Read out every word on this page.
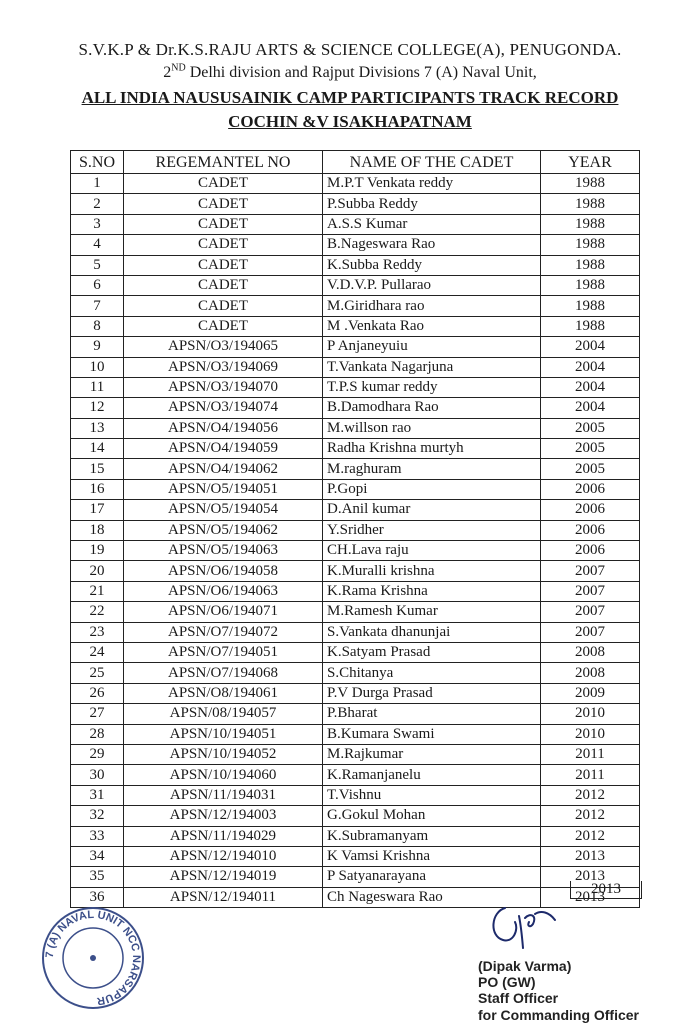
S.V.K.P & Dr.K.S.RAJU ARTS & SCIENCE COLLEGE(A), PENUGONDA.
2ND Delhi division and Rajput Divisions 7 (A) Naval Unit,
ALL INDIA NAUSUSAINIK CAMP PARTICIPANTS TRACK RECORD
COCHIN &V ISAKHAPATNAM
S.NO	REGEMANTEL NO	NAME OF THE CADET	YEAR
1	CADET	M.P.T Venkata reddy	1988
2	CADET	P.Subba Reddy	1988
3	CADET	A.S.S Kumar	1988
4	CADET	B.Nageswara Rao	1988
5	CADET	K.Subba Reddy	1988
6	CADET	V.D.V.P. Pullarao	1988
7	CADET	M.Giridhara rao	1988
8	CADET	M .Venkata Rao	1988
9	APSN/O3/194065	P Anjaneyuiu	2004
10	APSN/O3/194069	T.Vankata Nagarjuna	2004
11	APSN/O3/194070	T.P.S kumar reddy	2004
12	APSN/O3/194074	B.Damodhara Rao	2004
13	APSN/O4/194056	M.willson rao	2005
14	APSN/O4/194059	Radha Krishna murtyh	2005
15	APSN/O4/194062	M.raghuram	2005
16	APSN/O5/194051	P.Gopi	2006
17	APSN/O5/194054	D.Anil kumar	2006
18	APSN/O5/194062	Y.Sridher	2006
19	APSN/O5/194063	CH.Lava raju	2006
20	APSN/O6/194058	K.Muralli krishna	2007
21	APSN/O6/194063	K.Rama Krishna	2007
22	APSN/O6/194071	M.Ramesh Kumar	2007
23	APSN/O7/194072	S.Vankata dhanunjai	2007
24	APSN/O7/194051	K.Satyam Prasad	2008
25	APSN/O7/194068	S.Chitanya	2008
26	APSN/O8/194061	P.V Durga Prasad	2009
27	APSN/08/194057	P.Bharat	2010
28	APSN/10/194051	B.Kumara Swami	2010
29	APSN/10/194052	M.Rajkumar	2011
30	APSN/10/194060	K.Ramanjanelu	2011
31	APSN/11/194031	T.Vishnu	2012
32	APSN/12/194003	G.Gokul Mohan	2012
33	APSN/11/194029	K.Subramanyam	2012
34	APSN/12/194010	K Vamsi Krishna	2013
35	APSN/12/194019	P Satyanarayana	2013
36	APSN/12/194011	Ch Nageswara Rao	2013
2013
7 (A) NAVAL UNIT NCC NARSAPUR
(Dipak Varma)
PO (GW)
Staff Officer
for Commanding Officer
